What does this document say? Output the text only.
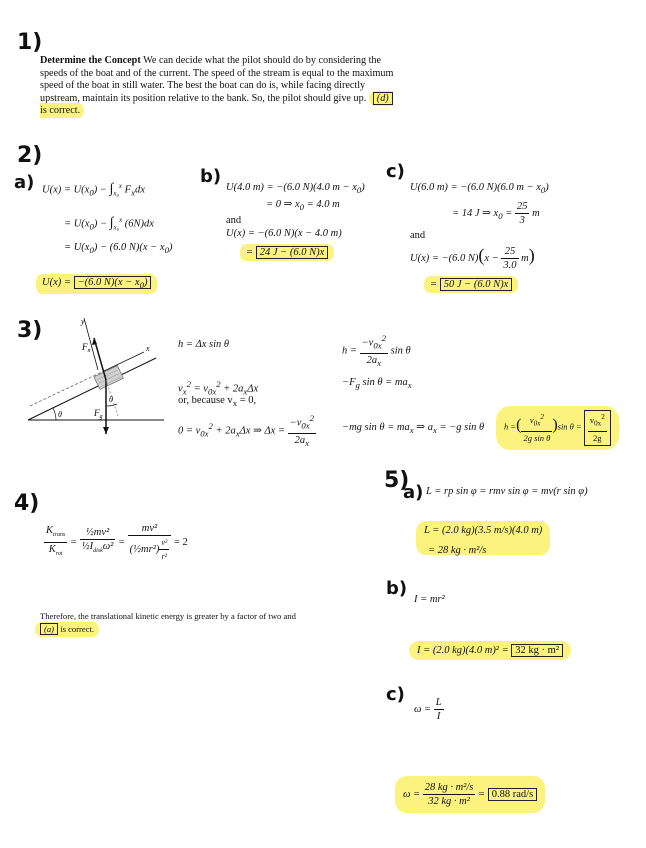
1)
Determine the Concept We can decide what the pilot should do by considering the speeds of the boat and of the current. The speed of the stream is equal to the maximum speed of the boat in still water. The best the boat can do is, while facing directly upstream, maintain its position relative to the bank. So, the pilot should give up. (d) is correct.
2)
a) $U(x) = U(x_0) - \int_{x_0}^x$ $F_xdx$
= $U(x_0) - \int_{x_0}^x$ (6N)dx
= $U(x_0) - (6.0$ $N)(x - x_0)$
U(x) = −(6.0 $N)(x - x_0)$
b)
U(4.0 m) = −(6.0 N)(4.0 $m - x_0$)
= 0 ⇒ $x_0 = 4.0$ m
and
U(x) = −(6.0 N)(x − 4.0 m)
= 24 J − (6.0 N)x
c)
U(6.0 m) = −(6.0 N)(6.0 $m - x_0$)
= 14 J ⇒ $x_0 = \frac{25}{3}$ m
and
U(x) = −(6.0 $N)(x - \frac{25}{3.0} m)$
= 50 J − (6.0 N)x
3)	y
x
$F_n$
$F_g$
θ
θ
h = Δx sin θ
$v_x^2 = v_{0x}^2 + 2a_x\Delta x$
or, because $v_x = 0$,
$0 = v_{0x}^2 + 2a_x\Delta x$ ⇒ $\Delta x = \frac{-v_{0x}^2}{2a_x}$
$h = \frac{-v_{0x}^2}{2a_x}$ sin θ
$-F_g$ $\sin \theta = ma_x$
−mg $\sin \theta = ma_x$ ⇒ $a_x = -g$ sin θ	h =( $\frac{v_{0x}^2}{\text{2g sin θ}} )\sin$ $\theta = \frac{v_{0x}^2}{2g}$
4)
$\frac{K_{trans}}{K_{rot}} = \frac{\text{½mv²}}{\frac{1}{2}I_{disk}\omega^2} = \frac{\text{mv²}}{(\frac{1}{2}mr^2) \frac{\text{v²}}{\text{r²}}} = 2$
Therefore, the translational kinetic energy is greater by a factor of two and
(a) is correct.
5)
a) L = rp sin φ = rmv sin φ = mv(r sin φ)
L = (2.0 kg)(3.5 m/s)(4.0 m)
= 28 kg · m²/s
b)
I = mr²
I = (2.0 kg)(4.0 m)² = 32 kg · m²
c)
$\omega = \frac{L}{I}$
$\omega = \frac{\text{28 kg · m²/s}}{\text{32 kg · m²}} = 0.88$ rad/s
